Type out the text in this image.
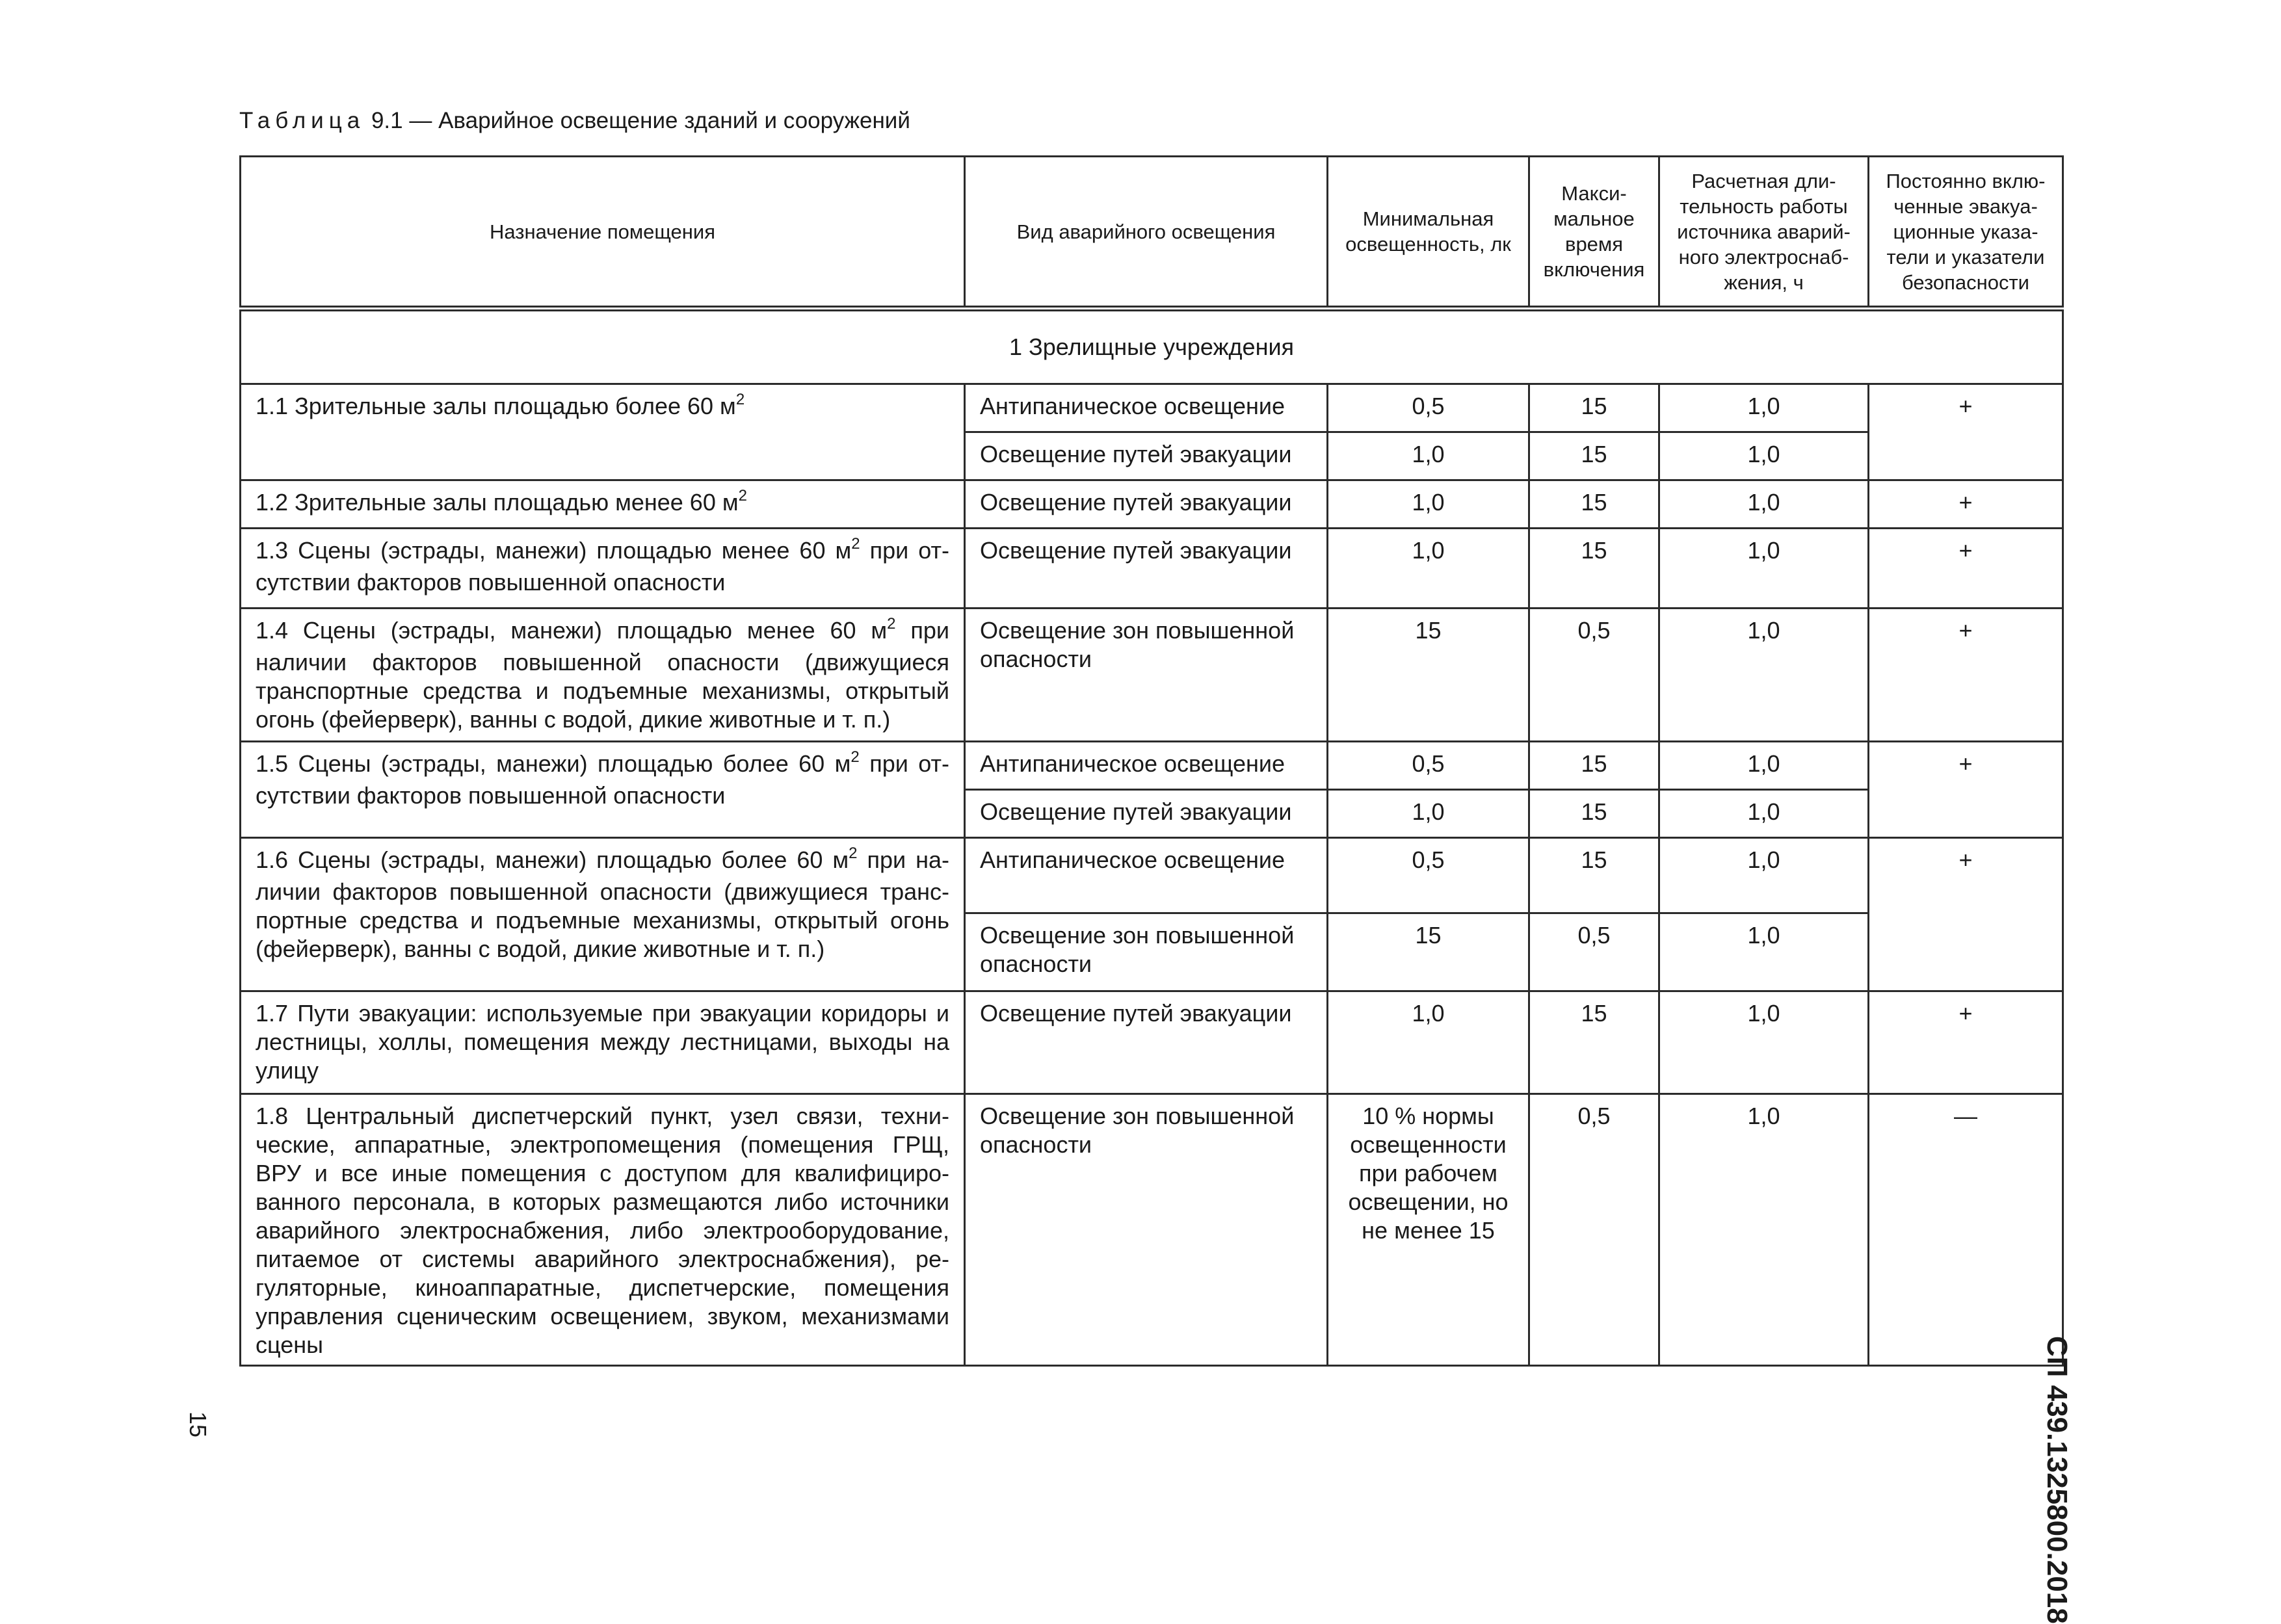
Таблица 9.1 — Аварийное освещение зданий и сооружений
Назначение помещения	Вид аварийного освещения	Минимальная освещенность, лк	Макси- мальное время включения	Расчетная дли- тельность работы источника аварий- ного электроснаб- жения, ч	Постоянно вклю- ченные эвакуа- ционные указа- тели и указатели безопасности
1 Зрелищные учреждения					
1.1 Зрительные залы площадью более 60 $м^2$	Антипаническое освещение	0,5	15	1,0	+
	Освещение путей эвакуации	1,0	15	1,0	
1.2 Зрительные залы площадью менее 60 $м^2$	Освещение путей эвакуации	1,0	15	1,0	+
1.3 Сцены (эстрады, манежи) площадью менее 60 $м^2$ при от- сутствии факторов повышенной опасности	Освещение путей эвакуации	1,0	15	1,0	+
1.4 Сцены (эстрады, манежи) площадью менее 60 $м^2$ при наличии факторов повышенной опасности (движущиеся транспортные средства и подъемные механизмы, открытый огонь (фейерверк), ванны с водой, дикие животные и т. п.)	Освещение зон повышенной опасности	15	0,5	1,0	+
1.5 Сцены (эстрады, манежи) площадью более 60 $м^2$ при от- сутствии факторов повышенной опасности	Антипаническое освещение	0,5	15	1,0	+
	Освещение путей эвакуации	1,0	15	1,0	
1.6 Сцены (эстрады, манежи) площадью более 60 $м^2$ при на- личии факторов повышенной опасности (движущиеся транс- портные средства и подъемные механизмы, открытый огонь (фейерверк), ванны с водой, дикие животные и т. п.)	Антипаническое освещение	0,5	15	1,0	+
	Освещение зон повышенной опасности	15	0,5	1,0	
1.7 Пути эвакуации: используемые при эвакуации коридоры и лестницы, холлы, помещения между лестницами, выходы на улицу	Освещение путей эвакуации	1,0	15	1,0	+
1.8 Центральный диспетчерский пункт, узел связи, техни- ческие, аппаратные, электропомещения (помещения ГРЩ, ВРУ и все иные помещения с доступом для квалифициро- ванного персонала, в которых размещаются либо источники аварийного электроснабжения, либо электрооборудование, питаемое от системы аварийного электроснабжения), ре- гуляторные, киноаппаратные, диспетчерские, помещения управления сценическим освещением, звуком, механизмами сцены	Освещение зон повышенной опасности	10 % нормы освещенности при рабочем освещении, но не менее 15	0,5	1,0	—
15	СП 439.1325800.2018
